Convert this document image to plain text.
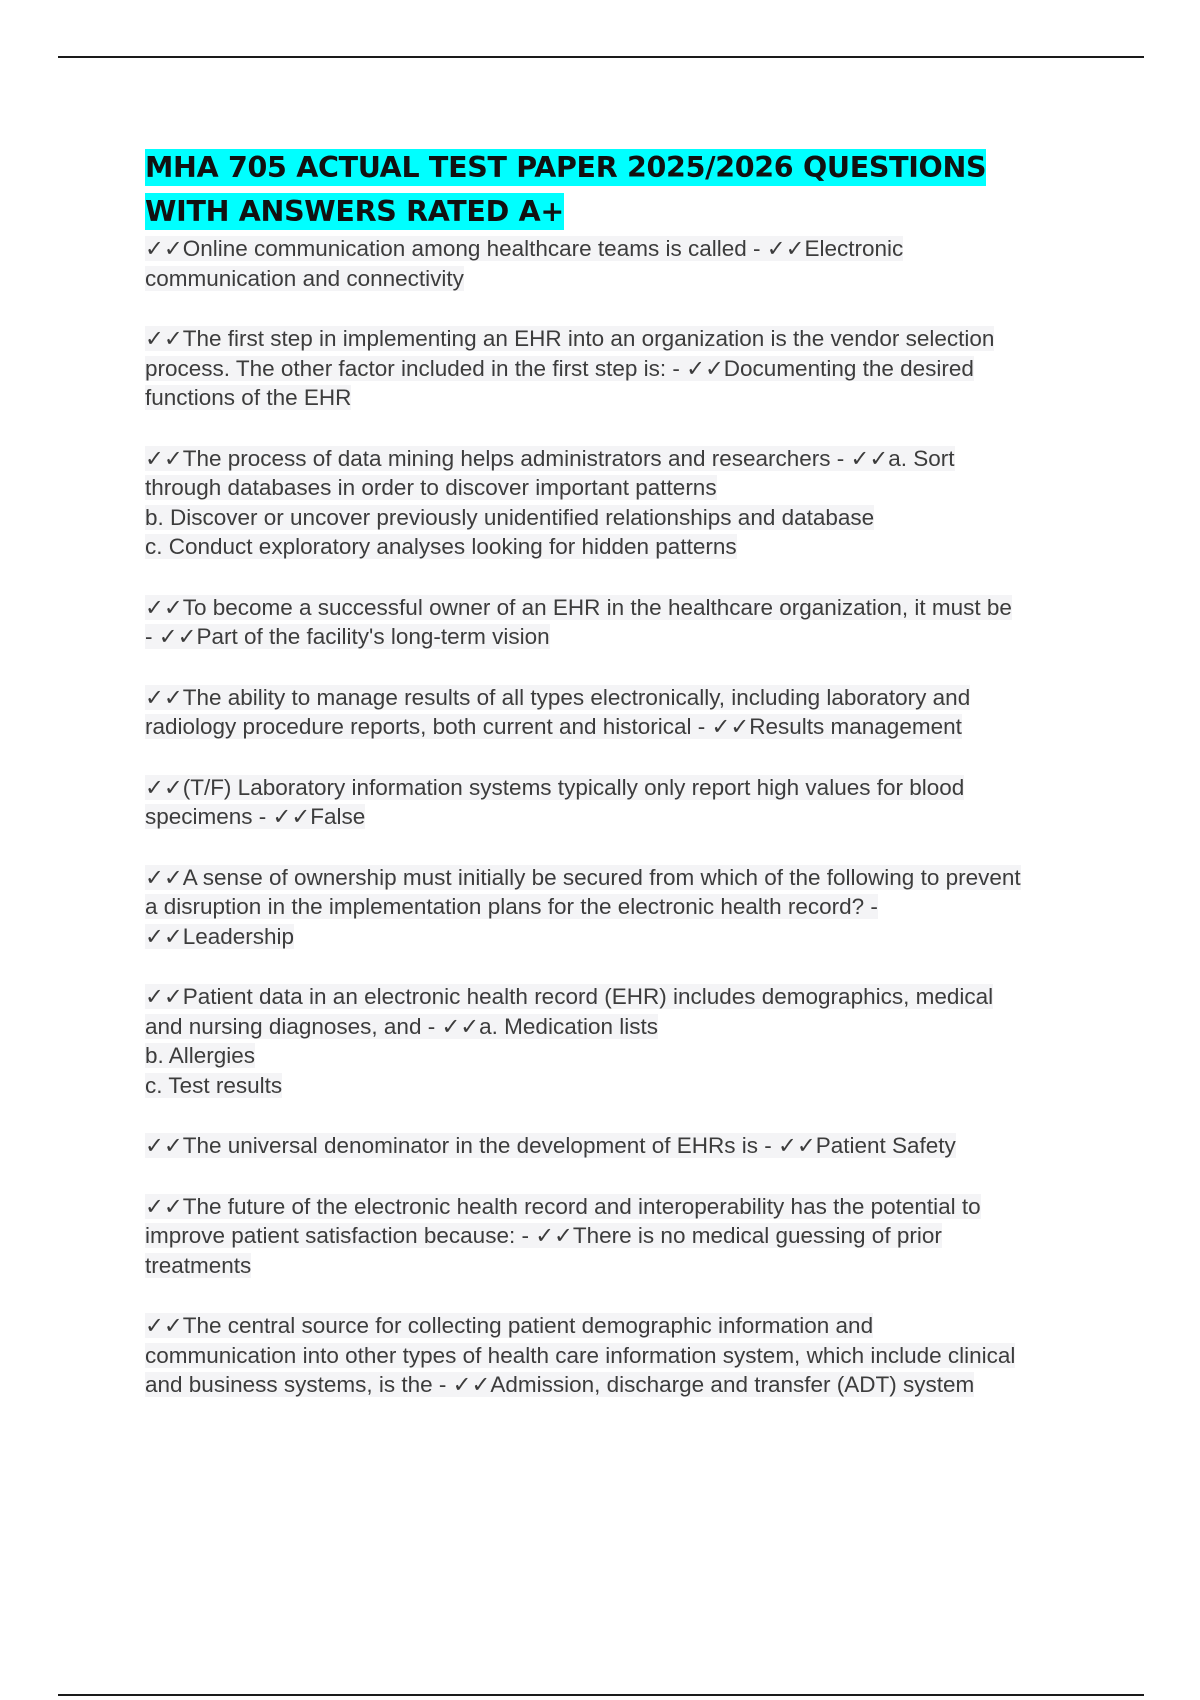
MHA 705 ACTUAL TEST PAPER 2025/2026 QUESTIONS
WITH ANSWERS RATED A+

✓✓Online communication among healthcare teams is called - ✓✓Electronic
communication and connectivity

✓✓The first step in implementing an EHR into an organization is the vendor selection
process. The other factor included in the first step is: - ✓✓Documenting the desired
functions of the EHR

✓✓The process of data mining helps administrators and researchers - ✓✓a. Sort
through databases in order to discover important patterns
b. Discover or uncover previously unidentified relationships and database
c. Conduct exploratory analyses looking for hidden patterns

✓✓To become a successful owner of an EHR in the healthcare organization, it must be
- ✓✓Part of the facility's long-term vision

✓✓The ability to manage results of all types electronically, including laboratory and
radiology procedure reports, both current and historical - ✓✓Results management

✓✓(T/F) Laboratory information systems typically only report high values for blood
specimens - ✓✓False

✓✓A sense of ownership must initially be secured from which of the following to prevent
a disruption in the implementation plans for the electronic health record? -
✓✓Leadership

✓✓Patient data in an electronic health record (EHR) includes demographics, medical
and nursing diagnoses, and - ✓✓a. Medication lists
b. Allergies
c. Test results

✓✓The universal denominator in the development of EHRs is - ✓✓Patient Safety

✓✓The future of the electronic health record and interoperability has the potential to
improve patient satisfaction because: - ✓✓There is no medical guessing of prior
treatments

✓✓The central source for collecting patient demographic information and
communication into other types of health care information system, which include clinical
and business systems, is the - ✓✓Admission, discharge and transfer (ADT) system
